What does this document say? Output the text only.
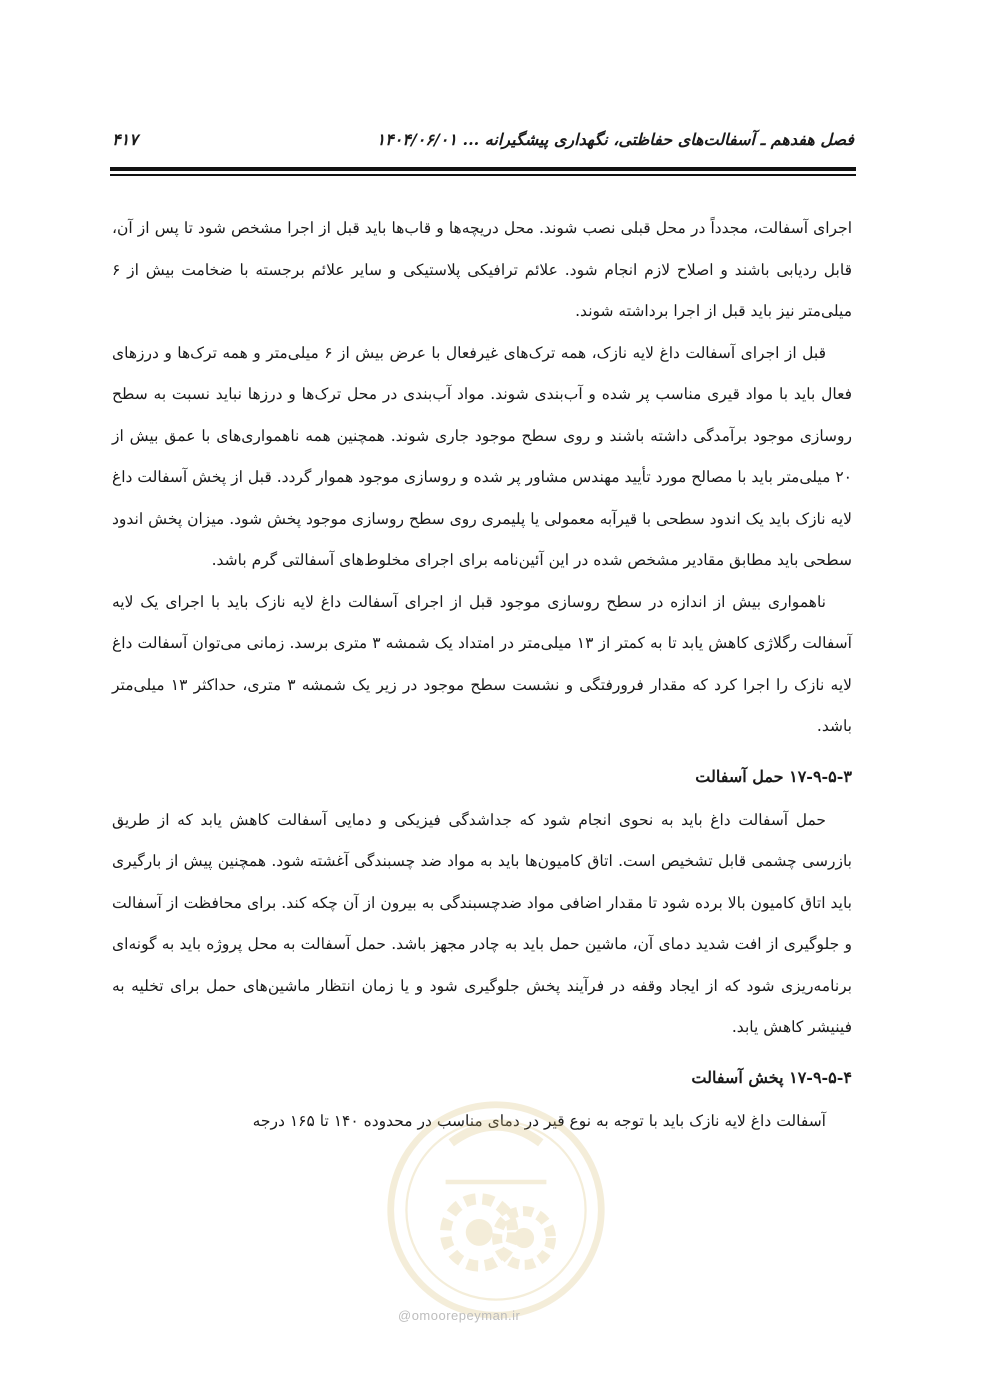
فصل هفدهم ـ آسفالت‌های حفاظتی، نگهداری پیشگیرانه ... ۱۴۰۴/۰۶/۰۱
۴۱۷

اجرای آسفالت، مجدداً در محل قبلی نصب شوند. محل دریچه‌ها و قاب‌ها باید قبل از اجرا مشخص شود تا پس از آن، قابل ردیابی باشند و اصلاح لازم انجام شود. علائم ترافیکی پلاستیکی و سایر علائم برجسته با ضخامت بیش از ۶ میلی‌متر نیز باید قبل از اجرا برداشته شوند.

قبل از اجرای آسفالت داغ لایه نازک، همه ترک‌های غیرفعال با عرض بیش از ۶ میلی‌متر و همه ترک‌ها و درزهای فعال باید با مواد قیری مناسب پر شده و آب‌بندی شوند. مواد آب‌بندی در محل ترک‌ها و درزها نباید نسبت به سطح روسازی موجود برآمدگی داشته باشند و روی سطح موجود جاری شوند. همچنین همه ناهمواری‌های با عمق بیش از ۲۰ میلی‌متر باید با مصالح مورد تأیید مهندس مشاور پر شده و روسازی موجود هموار گردد. قبل از پخش آسفالت داغ لایه نازک باید یک اندود سطحی با قیرآبه معمولی یا پلیمری روی سطح روسازی موجود پخش شود. میزان پخش اندود سطحی باید مطابق مقادیر مشخص شده در این آئین‌نامه برای اجرای مخلوط‌های آسفالتی گرم باشد.

ناهمواری بیش از اندازه در سطح روسازی موجود قبل از اجرای آسفالت داغ لایه نازک باید با اجرای یک لایه آسفالت رگلاژی کاهش یابد تا به کمتر از ۱۳ میلی‌متر در امتداد یک شمشه ۳ متری برسد. زمانی می‌توان آسفالت داغ لایه نازک را اجرا کرد که مقدار فرورفتگی و نشست سطح موجود در زیر یک شمشه ۳ متری، حداکثر ۱۳ میلی‌متر باشد.

۱۷-۹-۵-۳ حمل آسفالت

حمل آسفالت داغ باید به نحوی انجام شود که جداشدگی فیزیکی و دمایی آسفالت کاهش یابد که از طریق بازرسی چشمی قابل تشخیص است. اتاق کامیون‌ها باید به مواد ضد چسبندگی آغشته شود. همچنین پیش از بارگیری باید اتاق کامیون بالا برده شود تا مقدار اضافی مواد ضدچسبندگی به بیرون از آن چکه کند. برای محافظت از آسفالت و جلوگیری از افت شدید دمای آن، ماشین حمل باید به چادر مجهز باشد. حمل آسفالت به محل پروژه باید به گونه‌ای برنامه‌ریزی شود که از ایجاد وقفه در فرآیند پخش جلوگیری شود و یا زمان انتظار ماشین‌های حمل برای تخلیه به فینیشر کاهش یابد.

۱۷-۹-۵-۴ پخش آسفالت

آسفالت داغ لایه نازک باید با توجه به نوع قیر در دمای مناسب در محدوده ۱۴۰ تا ۱۶۵ درجه

@omoorepeyman.ir
